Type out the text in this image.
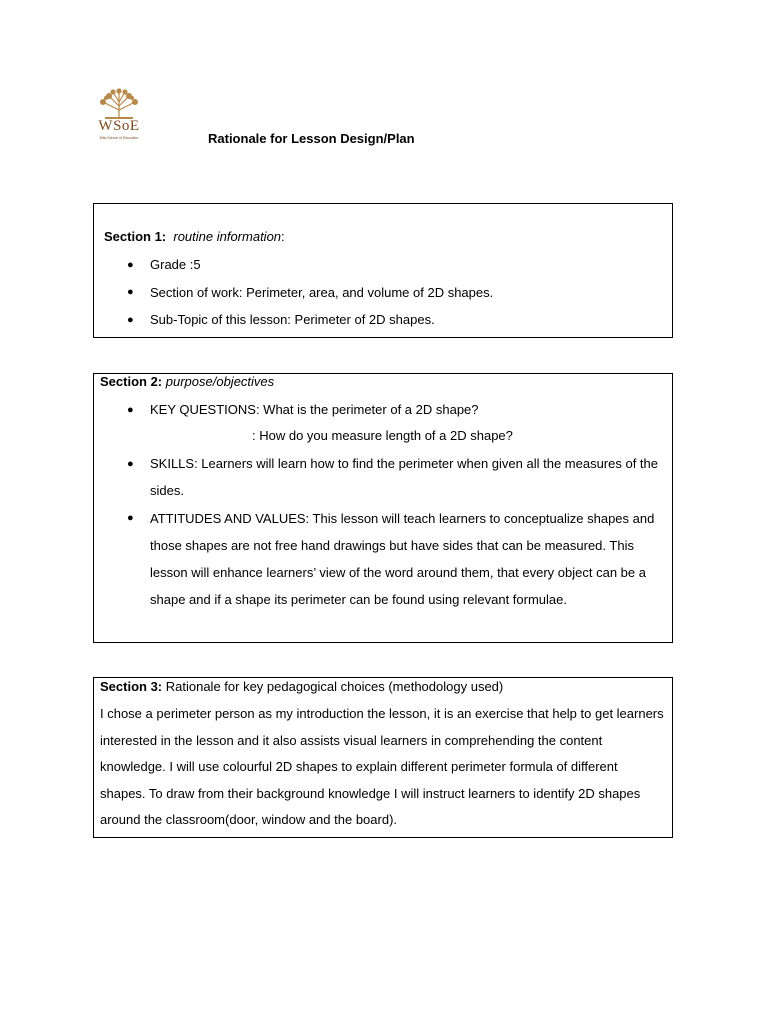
WSoE
Wits School of Education	Rationale for Lesson Design/Plan
Section 1: routine information:
● Grade :5
● Section of work: Perimeter, area, and volume of 2D shapes.
● Sub-Topic of this lesson: Perimeter of 2D shapes.
Section 2: purpose/objectives
● KEY QUESTIONS: What is the perimeter of a 2D shape?
: How do you measure length of a 2D shape?
● SKILLS: Learners will learn how to find the perimeter when given all the measures of the sides.
● ATTITUDES AND VALUES: This lesson will teach learners to conceptualize shapes and those shapes are not free hand drawings but have sides that can be measured. This lesson will enhance learners’ view of the word around them, that every object can be a shape and if a shape its perimeter can be found using relevant formulae.
Section 3: Rationale for key pedagogical choices (methodology used)
I chose a perimeter person as my introduction the lesson, it is an exercise that help to get learners interested in the lesson and it also assists visual learners in comprehending the content knowledge. I will use colourful 2D shapes to explain different perimeter formula of different shapes. To draw from their background knowledge I will instruct learners to identify 2D shapes around the classroom(door, window and the board).
